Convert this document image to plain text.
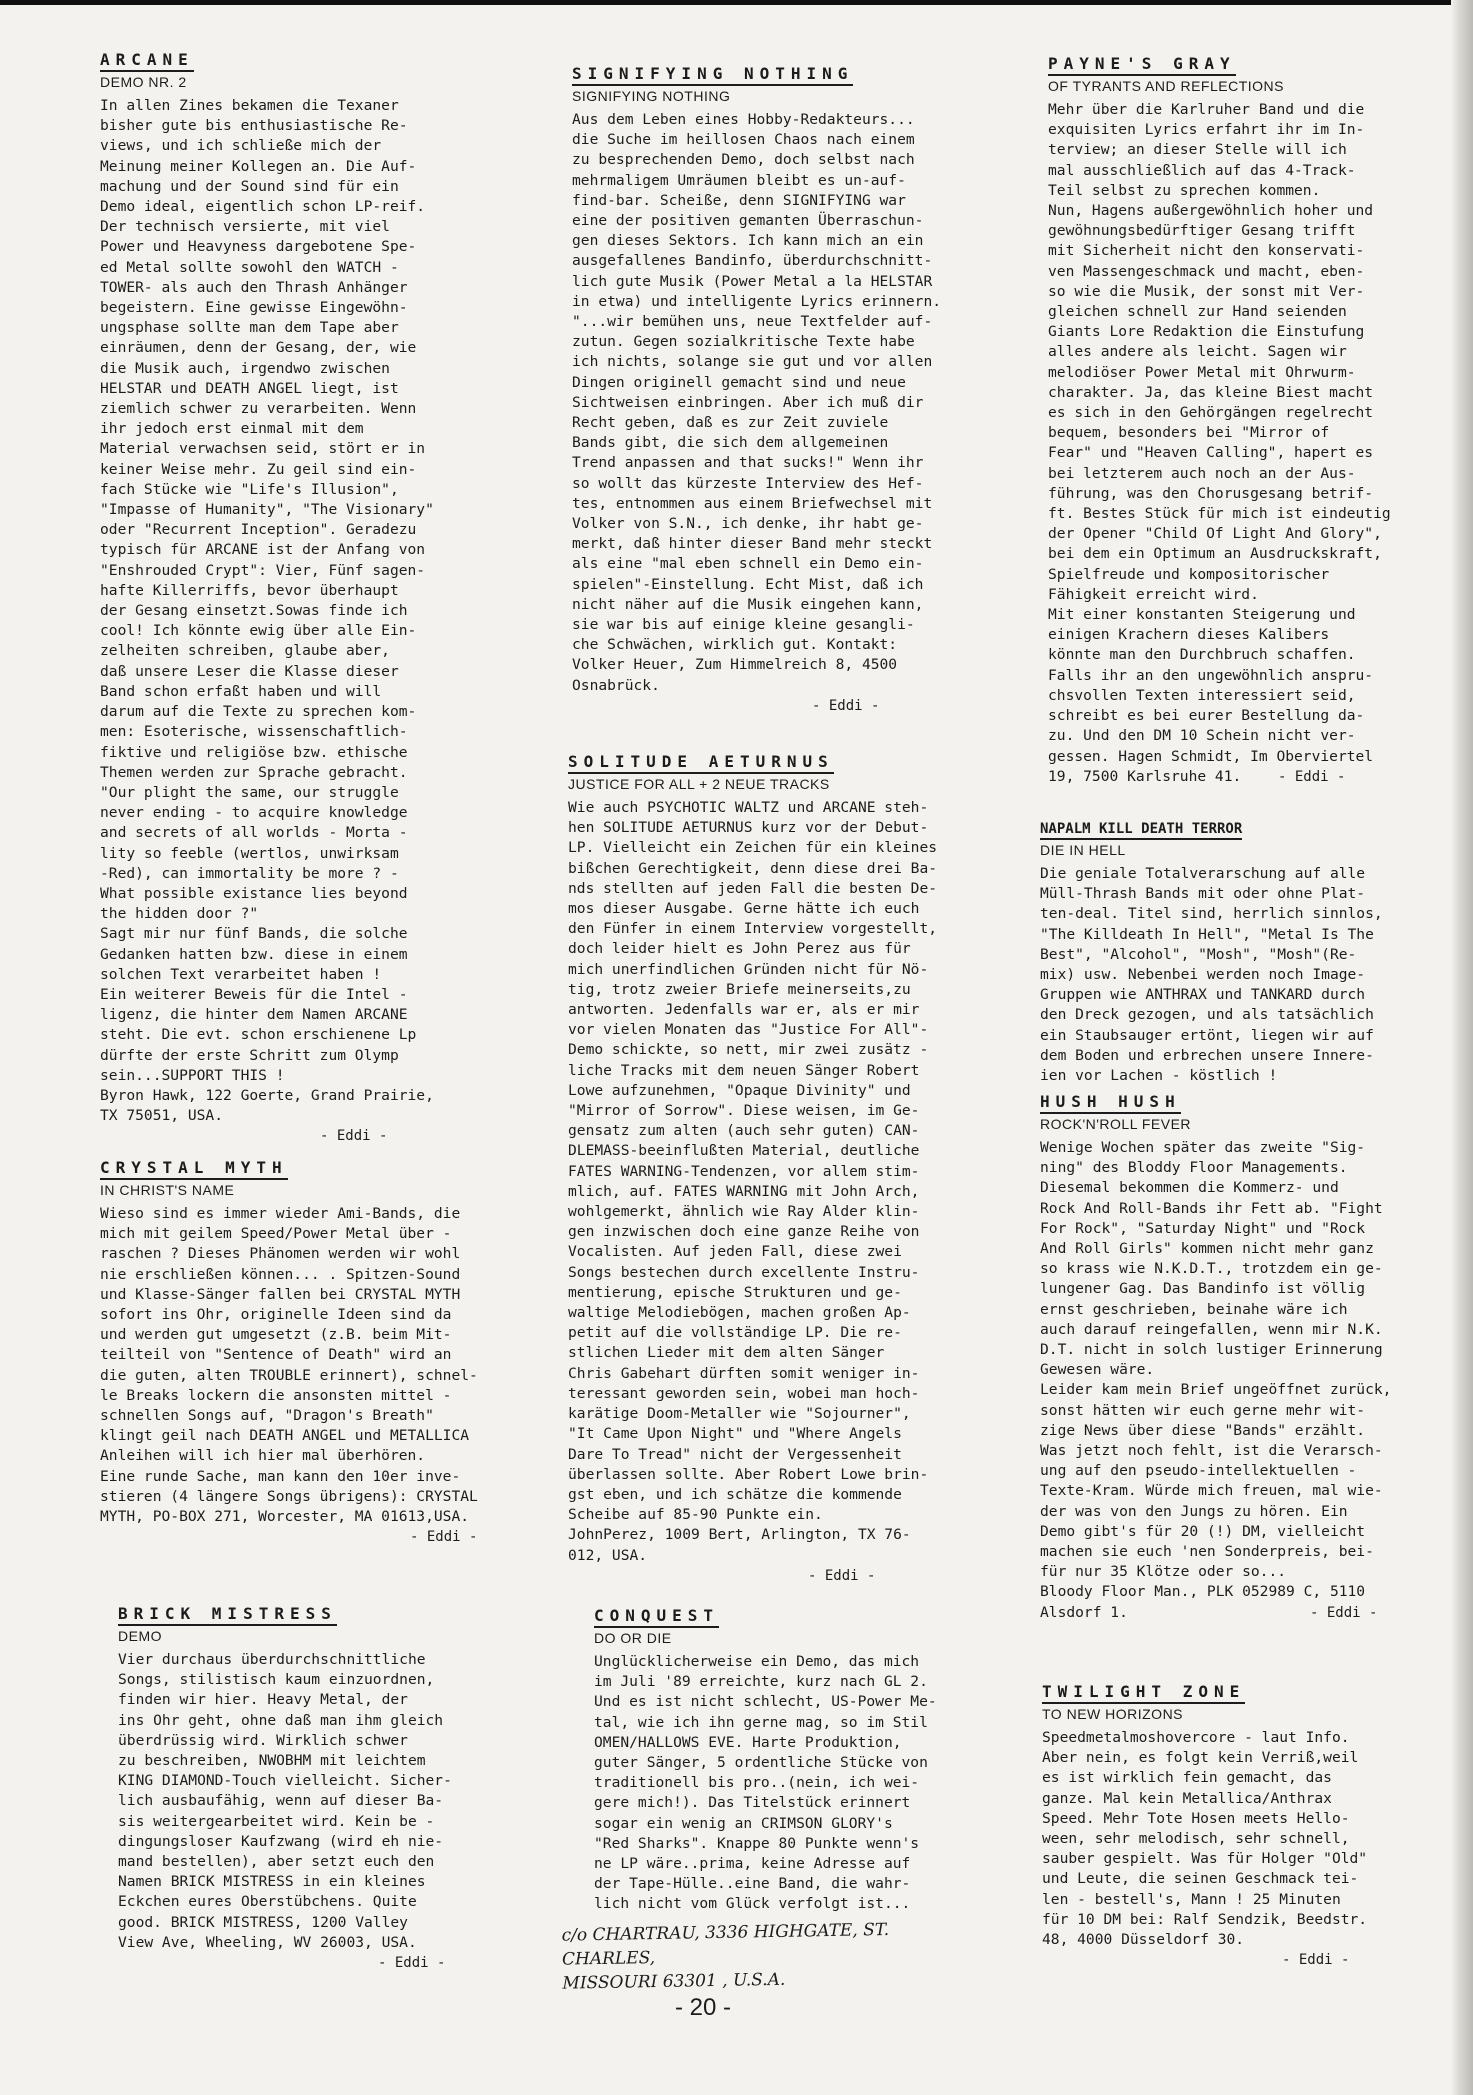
ARCANE
DEMO NR. 2

In allen Zines bekamen die Texaner
bisher gute bis enthusiastische Re-
views, und ich schließe mich der
Meinung meiner Kollegen an. Die Auf-
machung und der Sound sind für ein
Demo ideal, eigentlich schon LP-reif.
Der technisch versierte, mit viel
Power und Heavyness dargebotene Spe-
ed Metal sollte sowohl den WATCH -
TOWER- als auch den Thrash Anhänger
begeistern. Eine gewisse Eingewöhn-
ungsphase sollte man dem Tape aber
einräumen, denn der Gesang, der, wie
die Musik auch, irgendwo zwischen
HELSTAR und DEATH ANGEL liegt, ist
ziemlich schwer zu verarbeiten. Wenn
ihr jedoch erst einmal mit dem
Material verwachsen seid, stört er in
keiner Weise mehr. Zu geil sind ein-
fach Stücke wie "Life's Illusion",
"Impasse of Humanity", "The Visionary"
oder "Recurrent Inception". Geradezu
typisch für ARCANE ist der Anfang von
"Enshrouded Crypt": Vier, Fünf sagen-
hafte Killerriffs, bevor überhaupt
der Gesang einsetzt.Sowas finde ich
cool! Ich könnte ewig über alle Ein-
zelheiten schreiben, glaube aber,
daß unsere Leser die Klasse dieser
Band schon erfaßt haben und will
darum auf die Texte zu sprechen kom-
men: Esoterische, wissenschaftlich-
fiktive und religiöse bzw. ethische
Themen werden zur Sprache gebracht.
"Our plight the same, our struggle
never ending - to acquire knowledge
and secrets of all worlds - Morta -
lity so feeble (wertlos, unwirksam
-Red), can immortality be more ? -
What possible existance lies beyond
the hidden door ?"
Sagt mir nur fünf Bands, die solche
Gedanken hatten bzw. diese in einem
solchen Text verarbeitet haben !
Ein weiterer Beweis für die Intel -
ligenz, die hinter dem Namen ARCANE
steht. Die evt. schon erschienene Lp
dürfte der erste Schritt zum Olymp
sein...SUPPORT THIS !
Byron Hawk, 122 Goerte, Grand Prairie,
TX 75051, USA.

- Eddi -

CRYSTAL MYTH
IN CHRIST'S NAME

Wieso sind es immer wieder Ami-Bands, die
mich mit geilem Speed/Power Metal über -
raschen ? Dieses Phänomen werden wir wohl
nie erschließen können... . Spitzen-Sound
und Klasse-Sänger fallen bei CRYSTAL MYTH
sofort ins Ohr, originelle Ideen sind da
und werden gut umgesetzt (z.B. beim Mit-
teilteil von "Sentence of Death" wird an
die guten, alten TROUBLE erinnert), schnel-
le Breaks lockern die ansonsten mittel -
schnellen Songs auf, "Dragon's Breath"
klingt geil nach DEATH ANGEL und METALLICA
Anleihen will ich hier mal überhören.
Eine runde Sache, man kann den 10er inve-
stieren (4 längere Songs übrigens): CRYSTAL
MYTH, PO-BOX 271, Worcester, MA 01613,USA.

- Eddi -

BRICK MISTRESS
DEMO

Vier durchaus überdurchschnittliche
Songs, stilistisch kaum einzuordnen,
finden wir hier. Heavy Metal, der
ins Ohr geht, ohne daß man ihm gleich
überdrüssig wird. Wirklich schwer
zu beschreiben, NWOBHM mit leichtem
KING DIAMOND-Touch vielleicht. Sicher-
lich ausbaufähig, wenn auf dieser Ba-
sis weitergearbeitet wird. Kein be -
dingungsloser Kaufzwang (wird eh nie-
mand bestellen), aber setzt euch den
Namen BRICK MISTRESS in ein kleines
Eckchen eures Oberstübchens. Quite
good. BRICK MISTRESS, 1200 Valley
View Ave, Wheeling, WV 26003, USA.

- Eddi -

SIGNIFYING NOTHING
SIGNIFYING NOTHING

Aus dem Leben eines Hobby-Redakteurs...
die Suche im heillosen Chaos nach einem
zu besprechenden Demo, doch selbst nach
mehrmaligem Umräumen bleibt es un-auf-
find-bar. Scheiße, denn SIGNIFYING war
eine der positiven gemanten Überraschun-
gen dieses Sektors. Ich kann mich an ein
ausgefallenes Bandinfo, überdurchschnitt-
lich gute Musik (Power Metal a la HELSTAR
in etwa) und intelligente Lyrics erinnern.
"...wir bemühen uns, neue Textfelder auf-
zutun. Gegen sozialkritische Texte habe
ich nichts, solange sie gut und vor allen
Dingen originell gemacht sind und neue
Sichtweisen einbringen. Aber ich muß dir
Recht geben, daß es zur Zeit zuviele
Bands gibt, die sich dem allgemeinen
Trend anpassen and that sucks!" Wenn ihr
so wollt das kürzeste Interview des Hef-
tes, entnommen aus einem Briefwechsel mit
Volker von S.N., ich denke, ihr habt ge-
merkt, daß hinter dieser Band mehr steckt
als eine "mal eben schnell ein Demo ein-
spielen"-Einstellung. Echt Mist, daß ich
nicht näher auf die Musik eingehen kann,
sie war bis auf einige kleine gesangli-
che Schwächen, wirklich gut. Kontakt:
Volker Heuer, Zum Himmelreich 8, 4500
Osnabrück.

- Eddi -

SOLITUDE AETURNUS
JUSTICE FOR ALL + 2 NEUE TRACKS

Wie auch PSYCHOTIC WALTZ und ARCANE steh-
hen SOLITUDE AETURNUS kurz vor der Debut-
LP. Vielleicht ein Zeichen für ein kleines
bißchen Gerechtigkeit, denn diese drei Ba-
nds stellten auf jeden Fall die besten De-
mos dieser Ausgabe. Gerne hätte ich euch
den Fünfer in einem Interview vorgestellt,
doch leider hielt es John Perez aus für
mich unerfindlichen Gründen nicht für Nö-
tig, trotz zweier Briefe meinerseits,zu
antworten. Jedenfalls war er, als er mir
vor vielen Monaten das "Justice For All"-
Demo schickte, so nett, mir zwei zusätz -
liche Tracks mit dem neuen Sänger Robert
Lowe aufzunehmen, "Opaque Divinity" und
"Mirror of Sorrow". Diese weisen, im Ge-
gensatz zum alten (auch sehr guten) CAN-
DLEMASS-beeinflußten Material, deutliche
FATES WARNING-Tendenzen, vor allem stim-
mlich, auf. FATES WARNING mit John Arch,
wohlgemerkt, ähnlich wie Ray Alder klin-
gen inzwischen doch eine ganze Reihe von
Vocalisten. Auf jeden Fall, diese zwei
Songs bestechen durch excellente Instru-
mentierung, epische Strukturen und ge-
waltige Melodiebögen, machen großen Ap-
petit auf die vollständige LP. Die re-
stlichen Lieder mit dem alten Sänger
Chris Gabehart dürften somit weniger in-
teressant geworden sein, wobei man hoch-
karätige Doom-Metaller wie "Sojourner",
"It Came Upon Night" und "Where Angels
Dare To Tread" nicht der Vergessenheit
überlassen sollte. Aber Robert Lowe brin-
gst eben, und ich schätze die kommende
Scheibe auf 85-90 Punkte ein.
JohnPerez, 1009 Bert, Arlington, TX 76-
012, USA.

- Eddi -

CONQUEST
DO OR DIE

Unglücklicherweise ein Demo, das mich
im Juli '89 erreichte, kurz nach GL 2.
Und es ist nicht schlecht, US-Power Me-
tal, wie ich ihn gerne mag, so im Stil
OMEN/HALLOWS EVE. Harte Produktion,
guter Sänger, 5 ordentliche Stücke von
traditionell bis pro..(nein, ich wei-
gere mich!). Das Titelstück erinnert
sogar ein wenig an CRIMSON GLORY's
"Red Sharks". Knappe 80 Punkte wenn's
ne LP wäre..prima, keine Adresse auf
der Tape-Hülle..eine Band, die wahr-
lich nicht vom Glück verfolgt ist...

c/o CHARTRAU, 3336 HIGHGATE, ST. CHARLES,
MISSOURI 63301 , U.S.A.
- 20 -
PAYNE'S GRAY
OF TYRANTS AND REFLECTIONS

Mehr über die Karlruher Band und die
exquisiten Lyrics erfahrt ihr im In-
terview; an dieser Stelle will ich
mal ausschließlich auf das 4-Track-
Teil selbst zu sprechen kommen.
Nun, Hagens außergewöhnlich hoher und
gewöhnungsbedürftiger Gesang trifft
mit Sicherheit nicht den konservati-
ven Massengeschmack und macht, eben-
so wie die Musik, der sonst mit Ver-
gleichen schnell zur Hand seienden
Giants Lore Redaktion die Einstufung
alles andere als leicht. Sagen wir
melodiöser Power Metal mit Ohrwurm-
charakter. Ja, das kleine Biest macht
es sich in den Gehörgängen regelrecht
bequem, besonders bei "Mirror of
Fear" und "Heaven Calling", hapert es
bei letzterem auch noch an der Aus-
führung, was den Chorusgesang betrif-
ft. Bestes Stück für mich ist eindeutig
der Opener "Child Of Light And Glory",
bei dem ein Optimum an Ausdruckskraft,
Spielfreude und kompositorischer
Fähigkeit erreicht wird.
Mit einer konstanten Steigerung und
einigen Krachern dieses Kalibers
könnte man den Durchbruch schaffen.
Falls ihr an den ungewöhnlich anspru-
chsvollen Texten interessiert seid,
schreibt es bei eurer Bestellung da-
zu. Und den DM 10 Schein nicht ver-
gessen. Hagen Schmidt, Im Oberviertel
19, 7500 Karlsruhe 41.	- Eddi -

NAPALM KILL DEATH TERROR
DIE IN HELL

Die geniale Totalverarschung auf alle
Müll-Thrash Bands mit oder ohne Plat-
ten-deal. Titel sind, herrlich sinnlos,
"The Killdeath In Hell", "Metal Is The
Best", "Alcohol", "Mosh", "Mosh"(Re-
mix) usw. Nebenbei werden noch Image-
Gruppen wie ANTHRAX und TANKARD durch
den Dreck gezogen, und als tatsächlich
ein Staubsauger ertönt, liegen wir auf
dem Boden und erbrechen unsere Innere-
ien vor Lachen - köstlich !

HUSH HUSH
ROCK'N'ROLL FEVER

Wenige Wochen später das zweite "Sig-
ning" des Bloddy Floor Managements.
Diesemal bekommen die Kommerz- und
Rock And Roll-Bands ihr Fett ab. "Fight
For Rock", "Saturday Night" und "Rock
And Roll Girls" kommen nicht mehr ganz
so krass wie N.K.D.T., trotzdem ein ge-
lungener Gag. Das Bandinfo ist völlig
ernst geschrieben, beinahe wäre ich
auch darauf reingefallen, wenn mir N.K.
D.T. nicht in solch lustiger Erinnerung
Gewesen wäre.
Leider kam mein Brief ungeöffnet zurück,
sonst hätten wir euch gerne mehr wit-
zige News über diese "Bands" erzählt.
Was jetzt noch fehlt, ist die Verarsch-
ung auf den pseudo-intellektuellen -
Texte-Kram. Würde mich freuen, mal wie-
der was von den Jungs zu hören. Ein
Demo gibt's für 20 (!) DM, vielleicht
machen sie euch 'nen Sonderpreis, bei-
für nur 35 Klötze oder so...
Bloody Floor Man., PLK 052989 C, 5110
Alsdorf 1.	- Eddi -

TWILIGHT ZONE
TO NEW HORIZONS

Speedmetalmoshovercore - laut Info.
Aber nein, es folgt kein Verriß,weil
es ist wirklich fein gemacht, das
ganze. Mal kein Metallica/Anthrax
Speed. Mehr Tote Hosen meets Hello-
ween, sehr melodisch, sehr schnell,
sauber gespielt. Was für Holger "Old"
und Leute, die seinen Geschmack tei-
len - bestell's, Mann ! 25 Minuten
für 10 DM bei: Ralf Sendzik, Beedstr.
48, 4000 Düsseldorf 30.

- Eddi -
